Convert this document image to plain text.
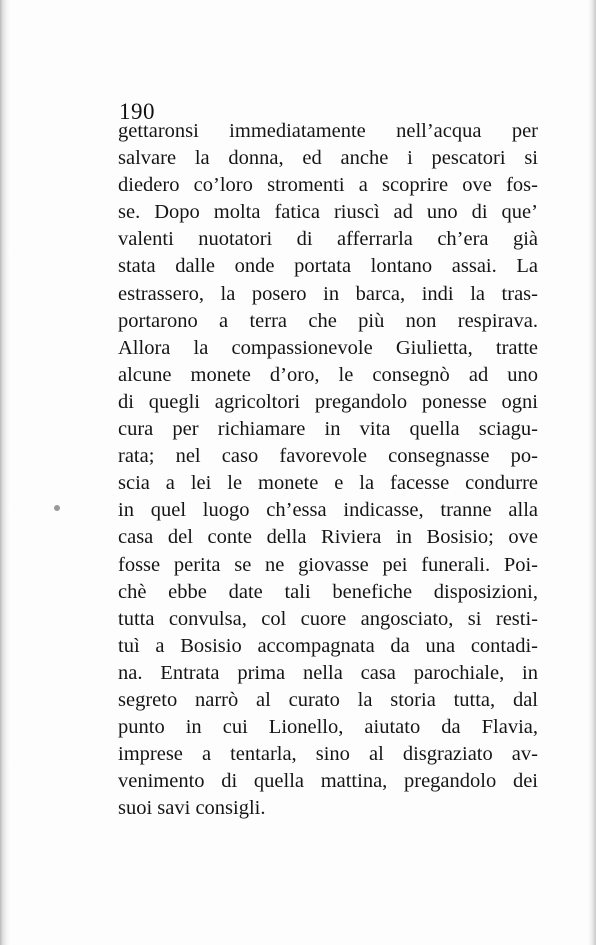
190
gettaronsi immediatamente nell’acqua per
salvare la donna, ed anche i pescatori si
diedero co’loro stromenti a scoprire ove fos-
se. Dopo molta fatica riuscì ad uno di que’
valenti nuotatori di afferrarla ch’era già
stata dalle onde portata lontano assai. La
estrassero, la posero in barca, indi la tras-
portarono a terra che più non respirava.
Allora la compassionevole Giulietta, tratte
alcune monete d’oro, le consegnò ad uno
di quegli agricoltori pregandolo ponesse ogni
cura per richiamare in vita quella sciagu-
rata; nel caso favorevole consegnasse po-
scia a lei le monete e la facesse condurre
in quel luogo ch’essa indicasse, tranne alla
casa del conte della Riviera in Bosisio; ove
fosse perita se ne giovasse pei funerali. Poi-
chè ebbe date tali benefiche disposizioni,
tutta convulsa, col cuore angosciato, si resti-
tuì a Bosisio accompagnata da una contadi-
na. Entrata prima nella casa parochiale, in
segreto narrò al curato la storia tutta, dal
punto in cui Lionello, aiutato da Flavia,
imprese a tentarla, sino al disgraziato av-
venimento di quella mattina, pregandolo dei
suoi savi consigli.
